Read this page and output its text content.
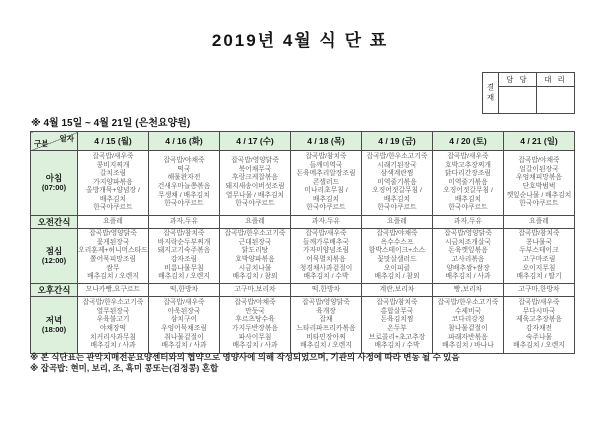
2019년 4월 식 단 표
결재
담 당	대 리
※ 4월 15일 ~ 4월 21일 (은천요양원)
일자
구분	4 / 15 (월)	4 / 16 (화)	4 / 17 (수)	4 / 18 (목)	4 / 19 (금)	4 / 20 (토)	4 / 21 (일)

아침
(07:00)

잡곡밥/새우죽
콩비지찌개
갈치조림
가지양파볶음
올방개묵+양념장 /
배추김치
한국야쿠르트

잡곡밥/야채죽
떡국
해물완자전
건새우마늘쫑볶음
무생채 / 배추김치
한국야쿠르트

잡곡밥/영양닭죽
북어채무국
후랑크케찹볶음
돼지새송이버섯조림
열무나물 / 배추김치
한국야쿠르트

잡곡밥/참치죽
들깨미역국
돈육메추리알장조림
콘샐러드
미나리초무침 /
배추김치
한국야쿠르트

잡곡밥/한우소고기죽
시래기된장국
삼색계란찜
미역줄기볶음
오징어젓갈무침 /
배추김치
한국야쿠르트

잡곡밥/새우죽
호박고추장찌개
닭다리간장조림
미역줄기볶음
오징어젓갈무침 /
배추김치
한국야쿠르트

잡곡밥/야채죽
얼갈이된장국
우엉채피망볶음
단호박범벅
깻잎순나물 / 배추김치
한국야쿠르트

오전간식	요플레	과자,두유	요플레	과자,두유	요플레	과자,두유	요플레

점심
(12:00)

잡곡밥/영양닭죽
꽃게된장국
오리훈제+허니머스타드
쫄어묵피망조림
쌈무
배추김치 / 오렌지

잡곡밥/참치죽
바지락순두부찌개
돼지고기숙주볶음
감자조림
비름나물무침
배추김치 / 오렌지

잡곡밥/한우소고기죽
근대된장국
닭도리탕
호박양파볶음
시금치나물
배추김치 / 참외

잡곡밥/새우죽
들깨가루배추국
가자미양념조림
어묵멸치볶음
청경채사과겉절이
배추김치 / 수박

잡곡밥/야채죽
옥수수스프
함박스테이크+소스
꽃맛살샐러드
오이피클
배추김치 / 참외

잡곡밥/영양닭죽
시금치조개살국
돈육깻잎볶음
고사리볶음
양배추쌈+쌈장
배추김치 / 사과

잡곡밥/참치죽
콩나물국
두부스테이크
고구마조림
오이지무침
배추김치 / 딸기

오후간식	모나카빵,요구르트	떡,한방차	고구마,보리차	떡,한방차	계란,보리차	빵,보리차	고구마,한방차

저녁
(18:00)

잡곡밥/한우소고기죽
열무된장국
우육불고기
야채장떡
치커리사과무침
배추김치 / 사과

잡곡밥/새우죽
아욱된장국
삼치구이
우엉어묵채조림
취나물겉절이
배추김치 / 사과

잡곡밥/야채죽
만둣국
후르츠탕수육
가지두반장볶음
파사이무침
배추김치 / 사과

잡곡밥/영양닭죽
육개장
잡채
느타리파프리카볶음
비타민장아찌
배추김치 / 오렌지

잡곡밥/참치죽
홍합살무국
돈육김치찜
온두부
브로콜리+초고추장
배추김치 / 수박

잡곡밥/한우소고기죽
수제비국
코다리강정
참나물겉절이
파래자반볶음
배추김치 / 바나나

잡곡밥/새우죽
무다시마국
제육고추장볶음
감자채전
숙주나물
배추김치 / 오렌지
※ 본 식단표는 관악치매전문요양센터와의 협약으로 영양사에 의해 작성되었으며, 기관의 사정에 따라 변동 될 수 있음
※ 잡곡밥: 현미, 보리, 조, 흑미 콩또는(검정콩) 혼합
